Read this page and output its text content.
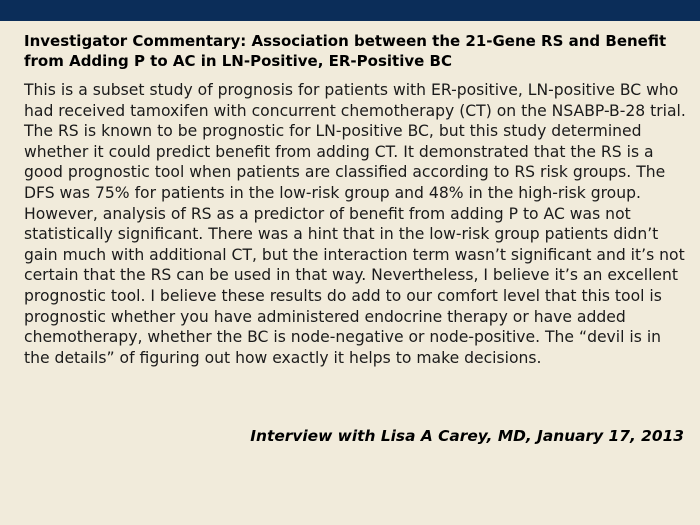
Investigator Commentary: Association between the 21-Gene RS and Benefit from Adding P to AC in LN-Positive, ER-Positive BC

This is a subset study of prognosis for patients with ER-positive, LN-positive BC who had received tamoxifen with concurrent chemotherapy (CT) on the NSABP-B-28 trial. The RS is known to be prognostic for LN-positive BC, but this study determined whether it could predict benefit from adding CT. It demonstrated that the RS is a good prognostic tool when patients are classified according to RS risk groups. The DFS was 75% for patients in the low-risk group and 48% in the high-risk group. However, analysis of RS as a predictor of benefit from adding P to AC was not statistically significant. There was a hint that in the low-risk group patients didn’t gain much with additional CT, but the interaction term wasn’t significant and it’s not certain that the RS can be used in that way. Nevertheless, I believe it’s an excellent prognostic tool. I believe these results do add to our comfort level that this tool is prognostic whether you have administered endocrine therapy or have added chemotherapy, whether the BC is node-negative or node-positive. The “devil is in the details” of figuring out how exactly it helps to make decisions.

Interview with Lisa A Carey, MD, January 17, 2013
